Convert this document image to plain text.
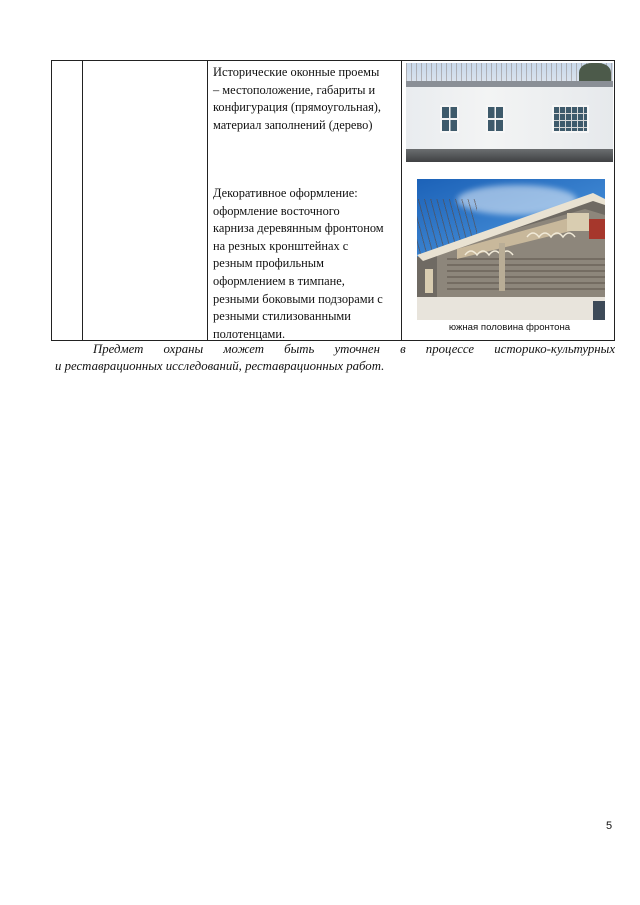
Исторические оконные проемы
– местоположение, габариты и
конфигурация (прямоугольная),
материал заполнений (дерево)
Декоративное оформление:
оформление восточного
карниза деревянным фронтоном
на резных кронштейнах с
резным профильным
оформлением в тимпане,
резными боковыми подзорами с
резными стилизованными
полотенцами.	южная половина фронтона
Предмет охраны может быть уточнен в процессе историко-культурных
и реставрационных исследований, реставрационных работ.
5
